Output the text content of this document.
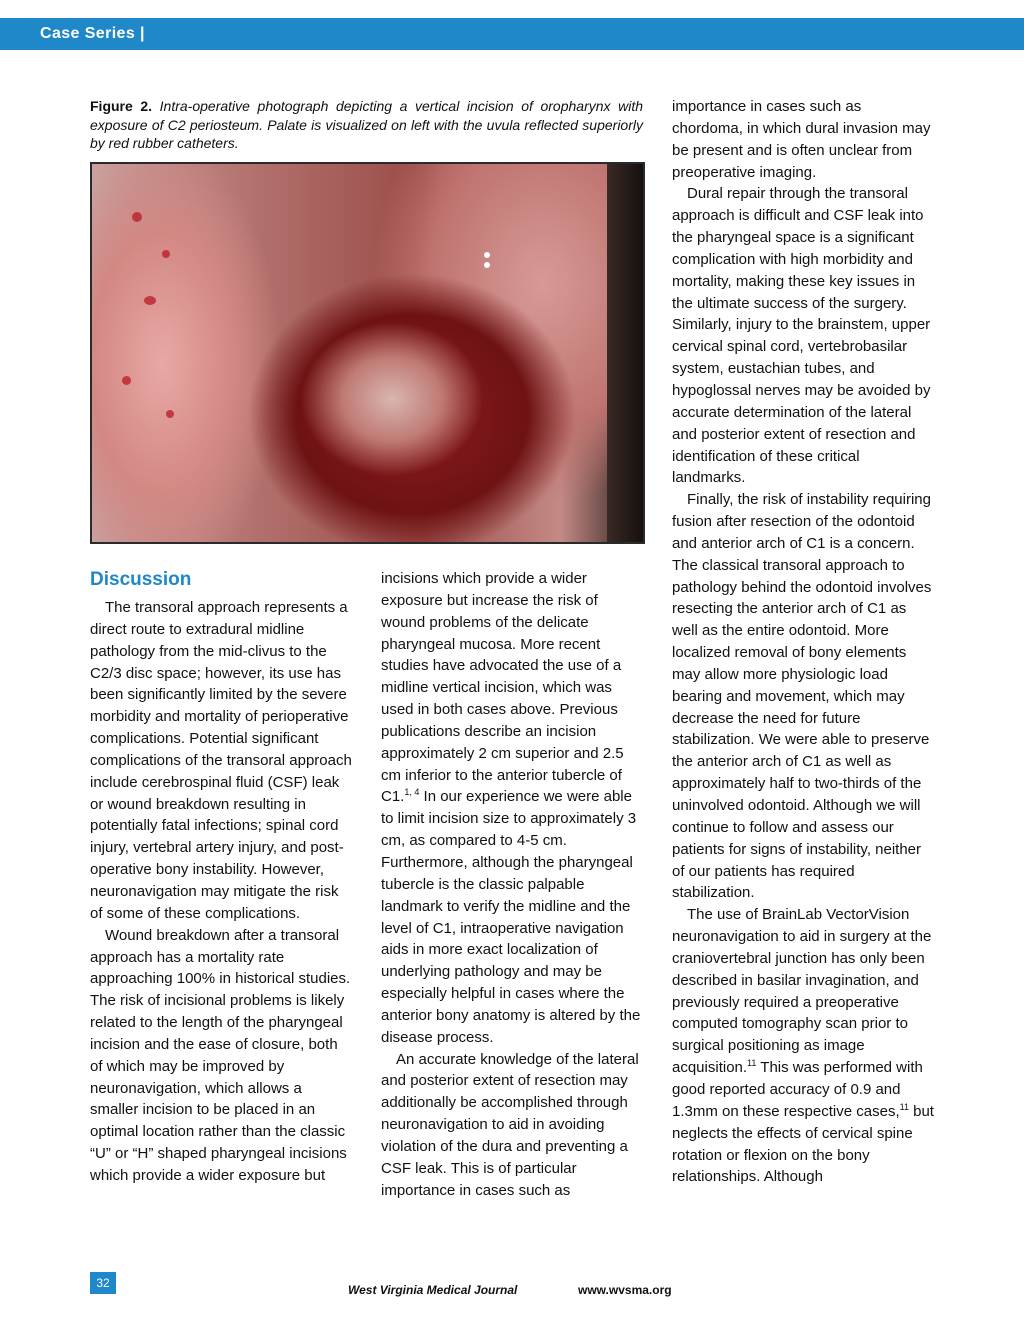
Case Series |
Figure 2. Intra-operative photograph depicting a vertical incision of oropharynx with exposure of C2 periosteum. Palate is visualized on left with the uvula reflected superiorly by red rubber catheters.
Discussion

The transoral approach represents a direct route to extradural midline pathology from the mid-clivus to the C2/3 disc space; however, its use has been significantly limited by the severe morbidity and mortality of perioperative complications. Potential significant complications of the transoral approach include cerebrospinal fluid (CSF) leak or wound breakdown resulting in potentially fatal infections; spinal cord injury, vertebral artery injury, and post-operative bony instability. However, neuronavigation may mitigate the risk of some of these complications.

Wound breakdown after a transoral approach has a mortality rate approaching 100% in historical studies. The risk of incisional problems is likely related to the length of the pharyngeal incision and the ease of closure, both of which may be improved by neuronavigation, which allows a smaller incision to be placed in an optimal location rather than the classic “U” or “H” shaped pharyngeal incisions which provide a wider exposure but

incisions which provide a wider exposure but increase the risk of wound problems of the delicate pharyngeal mucosa. More recent studies have advocated the use of a midline vertical incision, which was used in both cases above. Previous publications describe an incision approximately 2 cm superior and 2.5 cm inferior to the anterior tubercle of C1.$^{1, 4}$ In our experience we were able to limit incision size to approximately 3 cm, as compared to 4-5 cm. Furthermore, although the pharyngeal tubercle is the classic palpable landmark to verify the midline and the level of C1, intraoperative navigation aids in more exact localization of underlying pathology and may be especially helpful in cases where the anterior bony anatomy is altered by the disease process.

An accurate knowledge of the lateral and posterior extent of resection may additionally be accomplished through neuronavigation to aid in avoiding violation of the dura and preventing a CSF leak. This is of particular importance in cases such as

importance in cases such as chordoma, in which dural invasion may be present and is often unclear from preoperative imaging.

Dural repair through the transoral approach is difficult and CSF leak into the pharyngeal space is a significant complication with high morbidity and mortality, making these key issues in the ultimate success of the surgery. Similarly, injury to the brainstem, upper cervical spinal cord, vertebrobasilar system, eustachian tubes, and hypoglossal nerves may be avoided by accurate determination of the lateral and posterior extent of resection and identification of these critical landmarks.

Finally, the risk of instability requiring fusion after resection of the odontoid and anterior arch of C1 is a concern. The classical transoral approach to pathology behind the odontoid involves resecting the anterior arch of C1 as well as the entire odontoid. More localized removal of bony elements may allow more physiologic load bearing and movement, which may decrease the need for future stabilization. We were able to preserve the anterior arch of C1 as well as approximately half to two-thirds of the uninvolved odontoid. Although we will continue to follow and assess our patients for signs of instability, neither of our patients has required stabilization.

The use of BrainLab VectorVision neuronavigation to aid in surgery at the craniovertebral junction has only been described in basilar invagination, and previously required a preoperative computed tomography scan prior to surgical positioning as image acquisition.$^{11}$ This was performed with good reported accuracy of 0.9 and 1.3mm on these respective cases,$^{11}$ but neglects the effects of cervical spine rotation or flexion on the bony relationships. Although

32	West Virginia Medical Journal	www.wvsma.org
